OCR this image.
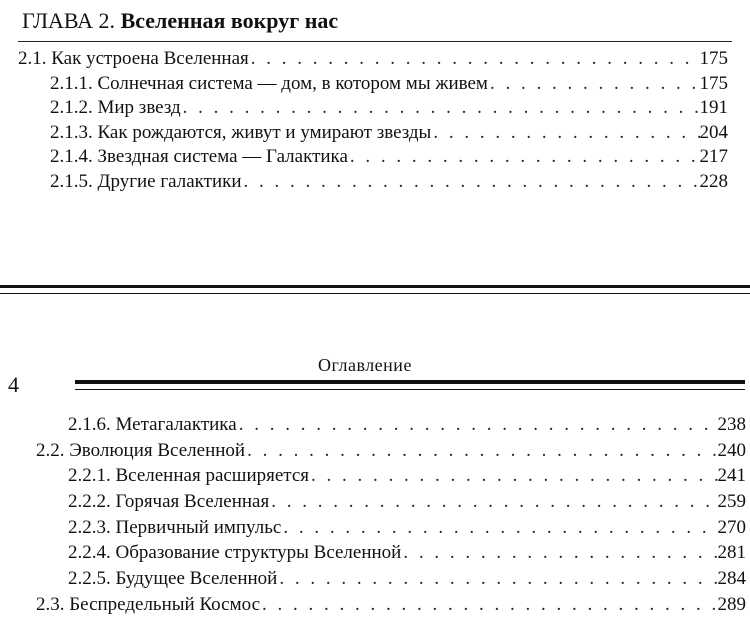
ГЛАВА 2. Вселенная вокруг нас
2.1. Как устроена Вселенная . . .	175
2.1.1. Солнечная система — дом, в котором мы живем . . .	175
2.1.2. Мир звезд . . .	191
2.1.3. Как рождаются, живут и умирают звезды . . .	204
2.1.4. Звездная система — Галактика . . .	217
2.1.5. Другие галактики . . .	228
Оглавление
4
2.1.6. Метагалактика . . .	238
2.2. Эволюция Вселенной . . .	240
2.2.1. Вселенная расширяется . . .	241
2.2.2. Горячая Вселенная . . .	259
2.2.3. Первичный импульс . . .	270
2.2.4. Образование структуры Вселенной . . .	281
2.2.5. Будущее Вселенной . . .	284
2.3. Беспредельный Космос . . .	289
